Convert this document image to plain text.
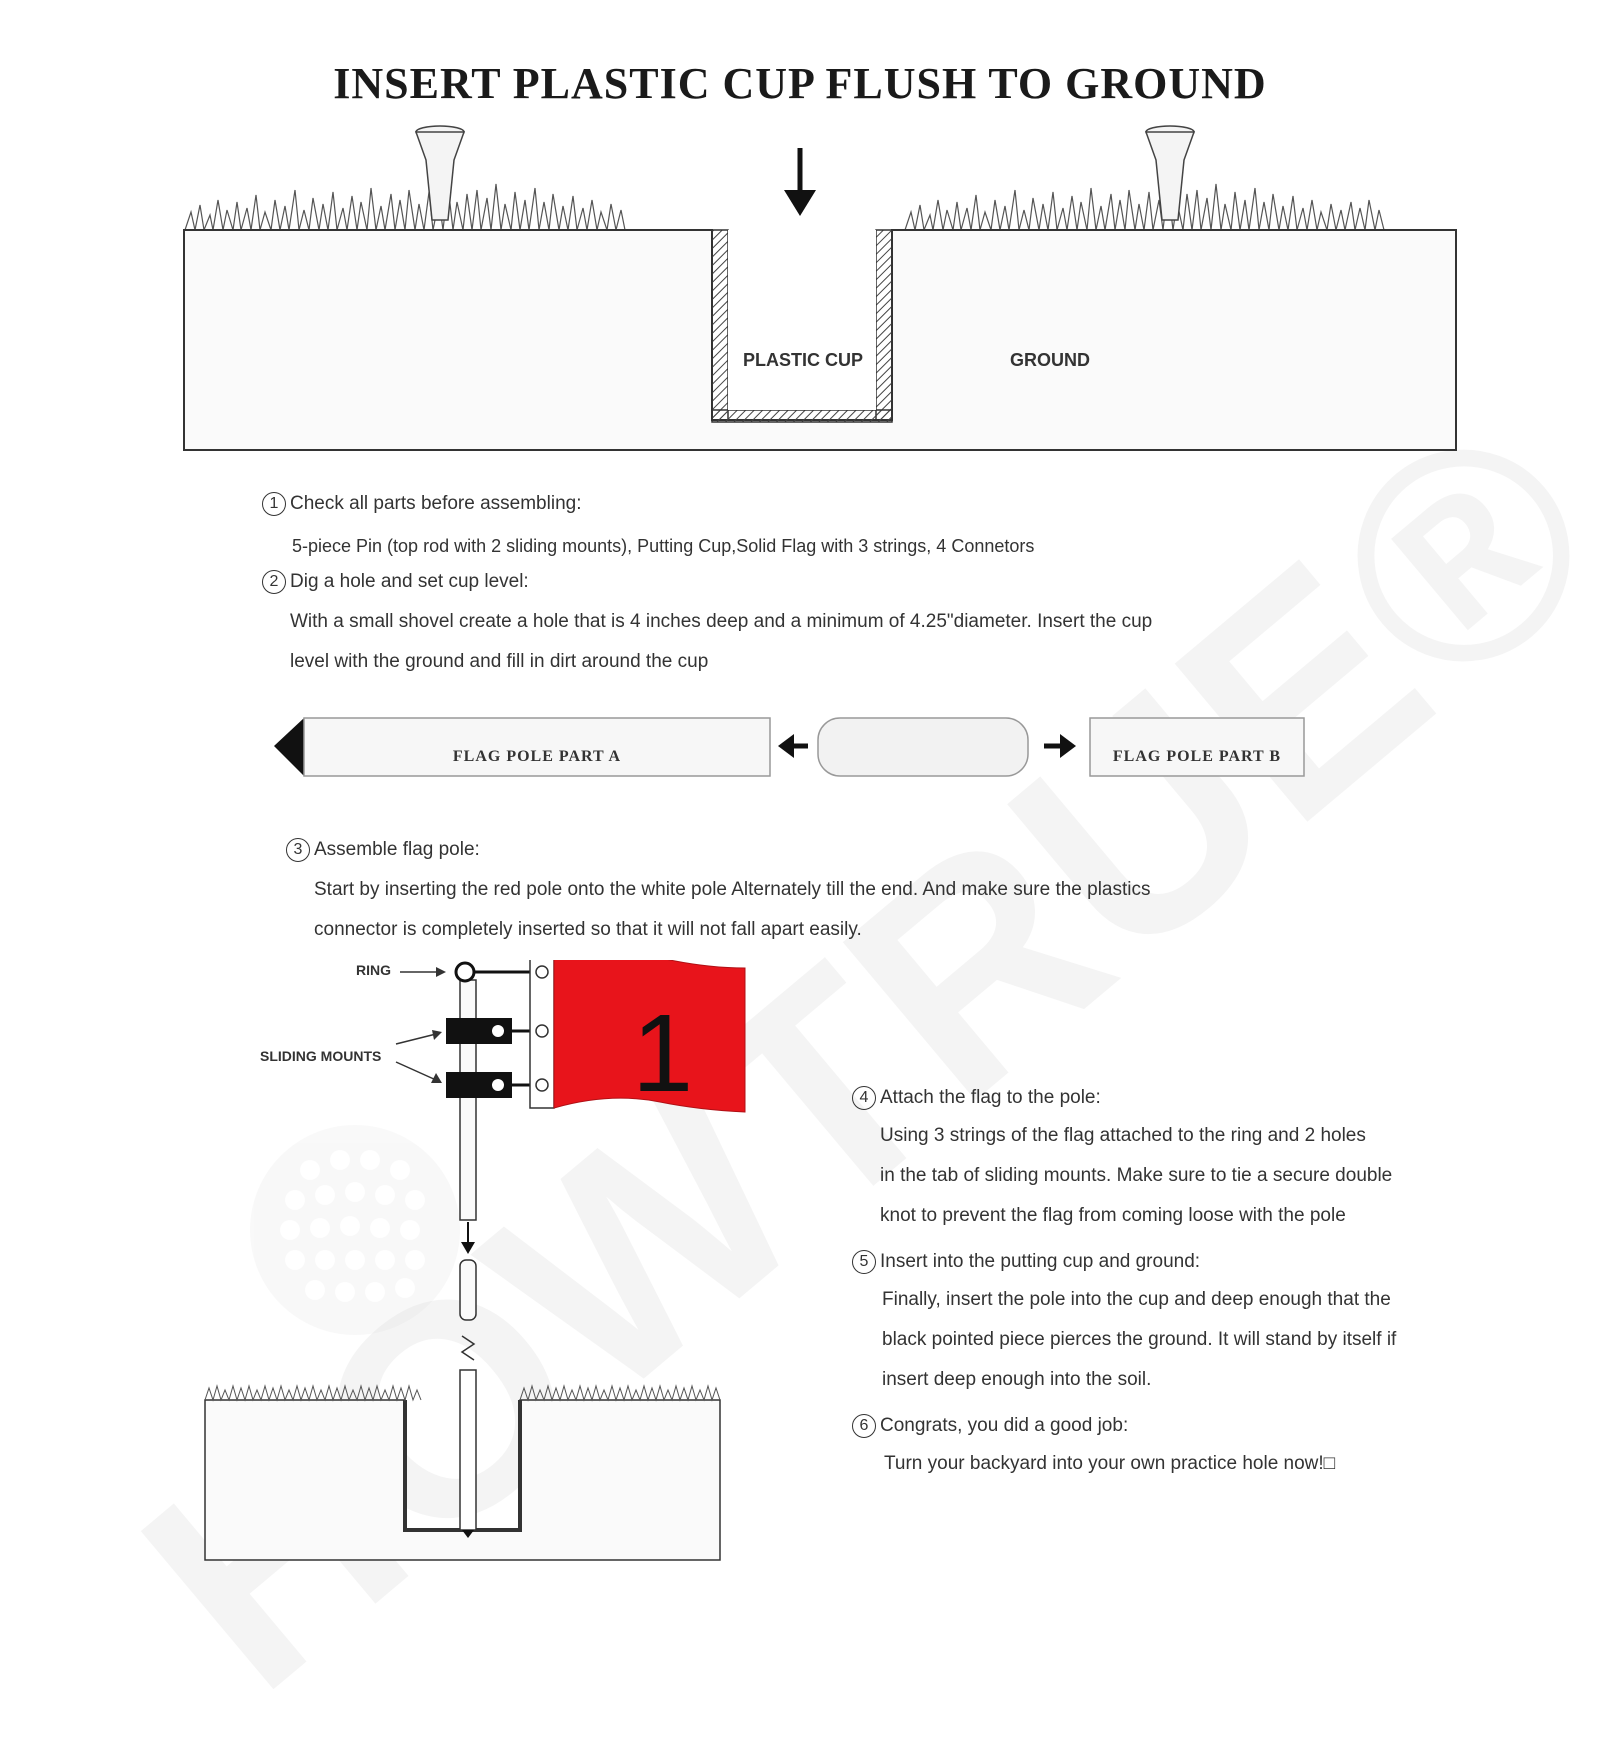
INSERT PLASTIC CUP FLUSH TO GROUND
PLASTIC CUP	GROUND
1 Check all parts before assembling:
5-piece Pin (top rod with 2 sliding mounts), Putting Cup,Solid Flag with 3 strings, 4 Connetors
2 Dig a hole and set cup level:
With a small shovel create a hole that is 4 inches deep and a minimum of 4.25"diameter. Insert the cup
level with the ground and fill in dirt around the cup
FLAG POLE PART A	FLAG POLE PART B
3 Assemble flag pole:
Start by inserting the red pole onto the white pole Alternately till the end. And make sure the plastics
connector is completely inserted so that it will not fall apart easily.
1
RING
SLIDING MOUNTS
4 Attach the flag to the pole:
Using 3 strings of the flag attached to the ring and 2 holes
in the tab of sliding mounts. Make sure to tie a secure double
knot to prevent the flag from coming loose with the pole
5 Insert into the putting cup and ground:
Finally, insert the pole into the cup and deep enough that the
black pointed piece pierces the ground. It will stand by itself if
insert deep enough into the soil.
6 Congrats, you did a good job:
Turn your backyard into your own practice hole now!□
